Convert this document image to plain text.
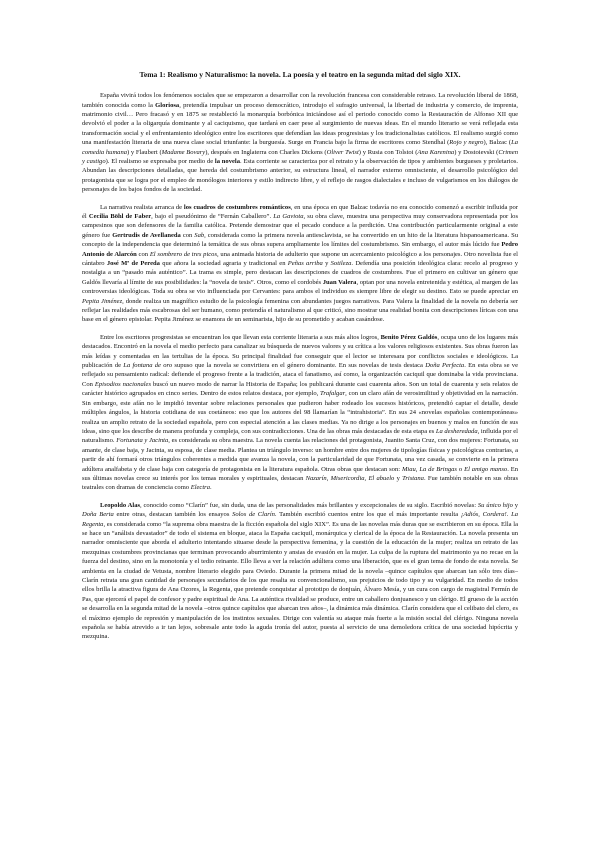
Tema 1: Realismo y Naturalismo: la novela. La poesía y el teatro en la segunda mitad del siglo XIX.

España vivirá todos los fenómenos sociales que se empezaron a desarrollar con la revolución francesa con considerable retraso. La revolución liberal de 1868, también conocida como la Gloriosa, pretendía impulsar un proceso democrático, introdujo el sufragio universal, la libertad de industria y comercio, de imprenta, matrimonio civil… Pero fracasó y en 1875 se restableció la monarquía borbónica iniciándose así el periodo conocido como la Restauración de Alfonso XII que devolvió el poder a la oligarquía dominante y al caciquismo, que tardará en caer pese al surgimiento de nuevas ideas. En el mundo literario se verá reflejada esta transformación social y el enfrentamiento ideológico entre los escritores que defendían las ideas progresistas y los tradicionalistas católicos. El realismo surgió como una manifestación literaria de una nueva clase social triunfante: la burguesía. Surge en Francia bajo la firma de escritores como Stendhal (Rojo y negro), Balzac (La comedia humana) y Flaubert (Madame Bovary), después en Inglaterra con Charles Dickens (Oliver Twist) y Rusia con Tolstoi (Ana Karenina) y Dostoievski (Crimen y castigo). El realismo se expresaba por medio de la novela. Esta corriente se caracteriza por el retrato y la observación de tipos y ambientes burgueses y proletarios. Abundan las descripciones detalladas, que hereda del costumbrismo anterior, su estructura lineal, el narrador externo omnisciente, el desarrollo psicológico del protagonista que se logra por el empleo de monólogos interiores y estilo indirecto libre, y el reflejo de rasgos dialectales e incluso de vulgarismos en los diálogos de personajes de los bajos fondos de la sociedad.

La narrativa realista arranca de los cuadros de costumbres románticos, en una época en que Balzac todavía no era conocido comenzó a escribir influida por él Cecilia Böhl de Faber, bajo el pseudónimo de “Fernán Caballero”. La Gaviota, su obra clave, muestra una perspectiva muy conservadora representada por los campesinos que son defensores de la familia católica. Pretende demostrar que el pecado conduce a la perdición. Una contribución particularmente original a este género fue Gertrudis de Avellaneda con Sab, considerada como la primera novela antiesclavista, se ha convertido en un hito de la literatura hispanoamericana. Su concepto de la independencia que determinó la temática de sus obras supera ampliamente los límites del costumbrismo. Sin embargo, el autor más lúcido fue Pedro Antonio de Alarcón con El sombrero de tres picos, una animada historia de adulterio que supone un acercamiento psicológico a los personajes. Otro novelista fue el cántabro José Mª de Pereda que añora la sociedad agraria y tradicional en Peñas arriba y Sotileza. Defendía una posición ideológica clara: recelo al progreso y nostalgia a un “pasado más auténtico”. La trama es simple, pero destacan las descripciones de cuadros de costumbres. Fue el primero en cultivar un género que Galdós llevaría al límite de sus posibilidades: la “novela de tesis”. Otros, como el cordobés Juan Valera, optan por una novela entretenida y estética, al margen de las controversias ideológicas. Toda su obra se vio influenciada por Cervantes: para ambos el individuo es siempre libre de elegir su destino. Esto se puede apreciar en Pepita Jiménez, donde realiza un magnífico estudio de la psicología femenina con abundantes juegos narrativos. Para Valera la finalidad de la novela no debería ser reflejar las realidades más escabrosas del ser humano, como pretendía el naturalismo al que criticó, sino mostrar una realidad bonita con descripciones líricas con una base en el género epistolar. Pepita Jiménez se enamora de un seminarista, hijo de su prometido y acaban casándose.

Entre los escritores progresistas se encuentran los que llevan esta corriente literaria a sus más altos logros, Benito Pérez Galdós, ocupa uno de los lugares más destacados. Encontró en la novela el medio perfecto para canalizar su búsqueda de nuevos valores y su crítica a los valores religiosos existentes. Sus obras fueron las más leídas y comentadas en las tertulias de la época. Su principal finalidad fue conseguir que el lector se interesara por conflictos sociales e ideológicos. La publicación de La fontana de oro supuso que la novela se convirtiera en el género dominante. En sus novelas de tesis destaca Doña Perfecta. En esta obra se ve reflejado su pensamiento radical: defiende el progreso frente a la tradición, ataca el fanatismo, así como, la organización caciquil que dominaba la vida provinciana. Con Episodios nacionales buscó un nuevo modo de narrar la Historia de España; los publicará durante casi cuarenta años. Son un total de cuarenta y seis relatos de carácter histórico agrupados en cinco series. Dentro de estos relatos destaca, por ejemplo, Trafalgar, con un claro afán de verosimilitud y objetividad en la narración. Sin embargo, este afán no le impidió inventar sobre relaciones personales que pudieron haber rodeado los sucesos históricos, pretendió captar el detalle, desde múltiples ángulos, la historia cotidiana de sus coetáneos: eso que los autores del 98 llamarían la “intrahistoria”. En sus 24 «novelas españolas contemporáneas» realiza un amplio retrato de la sociedad española, pero con especial atención a las clases medias. Ya no dirige a los personajes en buenos y malos en función de sus ideas, sino que los describe de manera profunda y compleja, con sus contradicciones. Una de las obras más destacadas de esta etapa es La desheredada, influida por el naturalismo. Fortunata y Jacinta, es considerada su obra maestra. La novela cuenta las relaciones del protagonista, Juanito Santa Cruz, con dos mujeres: Fortunata, su amante, de clase baja, y Jacinta, su esposa, de clase media. Plantea un triángulo inverso: un hombre entre dos mujeres de tipologías físicas y psicológicas contrarias, a partir de ahí formará otros triángulos coherentes a medida que avanza la novela, con la particularidad de que Fortunata, una vez casada, se convierte en la primera adúltera analfabeta y de clase baja con categoría de protagonista en la literatura española. Otras obras que destacan son: Miau, La de Bringas o El amigo manso. En sus últimas novelas crece su interés por los temas morales y espirituales, destacan Nazarín, Misericordia, El abuelo y Tristana. Fue también notable en sus obras teatrales con dramas de conciencia como Electra.

Leopoldo Alas, conocido como “Clarín” fue, sin duda, una de las personalidades más brillantes y excepcionales de su siglo. Escribió novelas: Su único hijo y Doña Berta entre otras, destacan también los ensayos Solos de Clarín. También escribió cuentos entre los que el más importante resulta ¡Adiós, Cordera!. La Regenta, es considerada como “la suprema obra maestra de la ficción española del siglo XIX”. Es una de las novelas más duras que se escribieron en su época. Ella la se hace un “análisis devastador” de todo el sistema en bloque, ataca la España caciquil, monárquica y clerical de la época de la Restauración. La novela presenta un narrador omnisciente que aborda el adulterio intentando situarse desde la perspectiva femenina, y la cuestión de la educación de la mujer; realiza un retrato de las mezquinas costumbres provincianas que terminan provocando aburrimiento y ansias de evasión en la mujer. La culpa de la ruptura del matrimonio ya no recae en la fuerza del destino, sino en la monotonía y el tedio reinante. Ello lleva a ver la relación adúltera como una liberación, que es el gran tema de fondo de esta novela. Se ambienta en la ciudad de Vetusta, nombre literario elegido para Oviedo. Durante la primera mitad de la novela –quince capítulos que abarcan tan sólo tres días– Clarín retrata una gran cantidad de personajes secundarios de los que resalta su convencionalismo, sus prejuicios de todo tipo y su vulgaridad. En medio de todos ellos brilla la atractiva figura de Ana Ozores, la Regenta, que pretende conquistar al prototipo de donjuán, Álvaro Mesía, y un cura con cargo de magistral Fermín de Pas, que ejercerá el papel de confesor y padre espiritual de Ana. La auténtica rivalidad se produce, entre un caballero donjuanesco y un clérigo. El grueso de la acción se desarrolla en la segunda mitad de la novela –otros quince capítulos que abarcan tres años–, la dinámica más dinámica. Clarín considera que el celibato del clero, es el máximo ejemplo de represión y manipulación de los instintos sexuales. Dirige con valentía su ataque más fuerte a la misión social del clérigo. Ninguna novela española se había atrevido a ir tan lejos, sobresale ante todo la aguda ironía del autor, puesta al servicio de una demoledora crítica de una sociedad hipócrita y mezquina.
